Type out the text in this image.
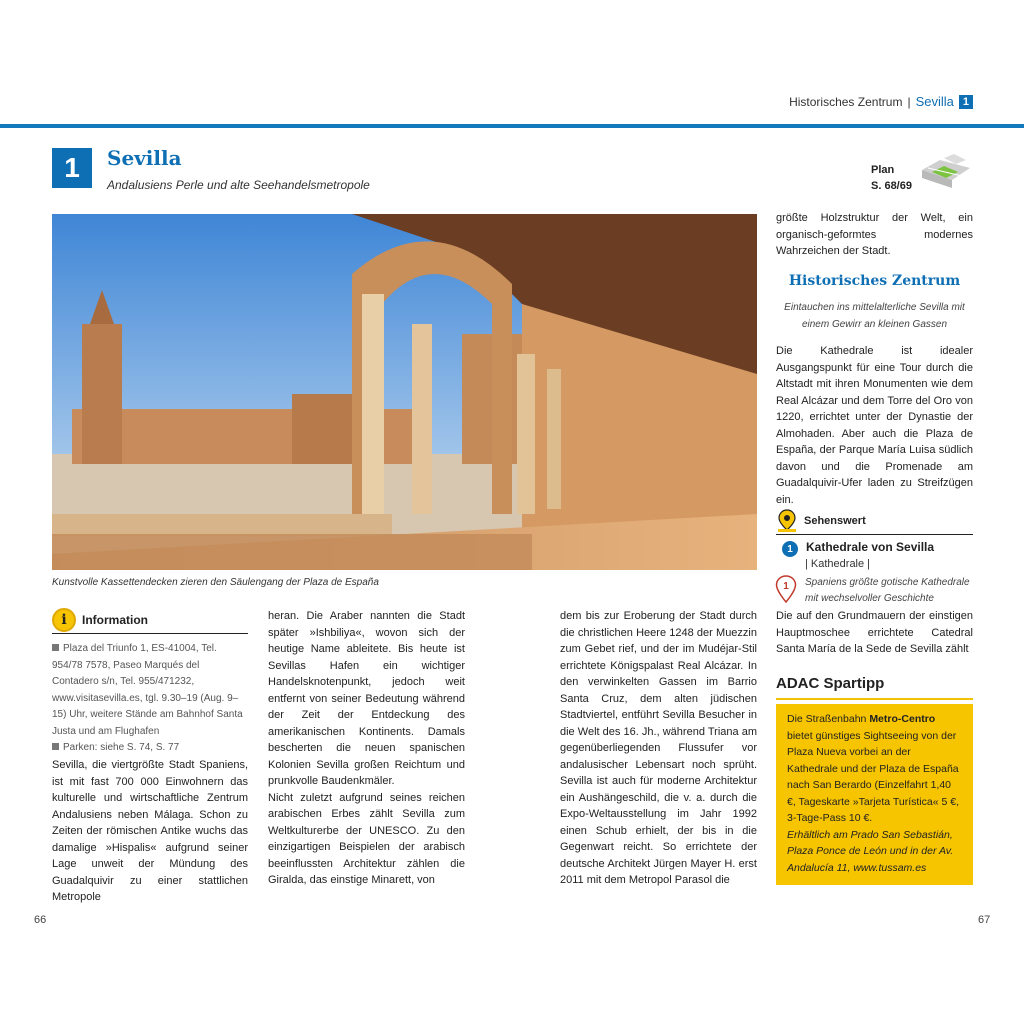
Historisches Zentrum | Sevilla 1
1	Sevilla
Andalusiens Perle und alte Seehandelsmetropole
Plan
S. 68/69
Kunstvolle Kassettendecken zieren den Säulengang der Plaza de España
i	Information
Plaza del Triunfo 1, ES-41004, Tel. 954/78 7578, Paseo Marqués del Contadero s/n, Tel. 955/471232, www.visitasevilla.es, tgl. 9.30–19 (Aug. 9–15) Uhr, weitere Stände am Bahnhof Santa Justa und am Flughafen
Parken: siehe S. 74, S. 77

Sevilla, die viertgrößte Stadt Spaniens, ist mit fast 700 000 Einwohnern das kulturelle und wirtschaftliche Zentrum Andalusiens neben Málaga. Schon zu Zeiten der römischen Antike wuchs das damalige »Hispalis« aufgrund seiner Lage unweit der Mündung des Guadalquivir zu einer stattlichen Metropole

heran. Die Araber nannten die Stadt später »Ishbiliya«, wovon sich der heutige Name ableitete. Bis heute ist Sevillas Hafen ein wichtiger Handelsknotenpunkt, jedoch weit entfernt von seiner Bedeutung während der Zeit der Entdeckung des amerikanischen Kontinents. Damals bescherten die neuen spanischen Kolonien Sevilla großen Reichtum und prunkvolle Baudenkmäler.

Nicht zuletzt aufgrund seines reichen arabischen Erbes zählt Sevilla zum Weltkulturerbe der UNESCO. Zu den einzigartigen Beispielen der arabisch beeinflussten Architektur zählen die Giralda, das einstige Minarett, von

dem bis zur Eroberung der Stadt durch die christlichen Heere 1248 der Muezzin zum Gebet rief, und der im Mudéjar-Stil errichtete Königspalast Real Alcázar. In den verwinkelten Gassen im Barrio Santa Cruz, dem alten jüdischen Stadtviertel, entführt Sevilla Besucher in die Welt des 16. Jh., während Triana am gegenüberliegenden Flussufer vor andalusischer Lebensart noch sprüht. Sevilla ist auch für moderne Architektur ein Aushängeschild, die v. a. durch die Expo-Weltausstellung im Jahr 1992 einen Schub erhielt, der bis in die Gegenwart reicht. So errichtete der deutsche Architekt Jürgen Mayer H. erst 2011 mit dem Metropol Parasol die

größte Holzstruktur der Welt, ein organisch-geformtes modernes Wahrzeichen der Stadt.

Historisches Zentrum
Eintauchen ins mittelalterliche Sevilla mit einem Gewirr an kleinen Gassen

Die Kathedrale ist idealer Ausgangspunkt für eine Tour durch die Altstadt mit ihren Monumenten wie dem Real Alcázar und dem Torre del Oro von 1220, errichtet unter der Dynastie der Almohaden. Aber auch die Plaza de España, der Parque María Luisa südlich davon und die Promenade am Guadalquivir-Ufer laden zu Streifzügen ein.

Sehenswert
1	Kathedrale von Sevilla
| Kathedrale |
1 Spaniens größte gotische Kathedrale mit wechselvoller Geschichte

Die auf den Grundmauern der einstigen Hauptmoschee errichtete Catedral Santa María de la Sede de Sevilla zählt

ADAC Spartipp
Die Straßenbahn Metro-Centro bietet günstiges Sightseeing von der Plaza Nueva vorbei an der Kathedrale und der Plaza de España nach San Berardo (Einzelfahrt 1,40 €, Tageskarte »Tarjeta Turística« 5 €, 3-Tage-Pass 10 €.
Erhältlich am Prado San Sebastián, Plaza Ponce de León und in der Av. Andalucía 11, www.tussam.es
66	67
